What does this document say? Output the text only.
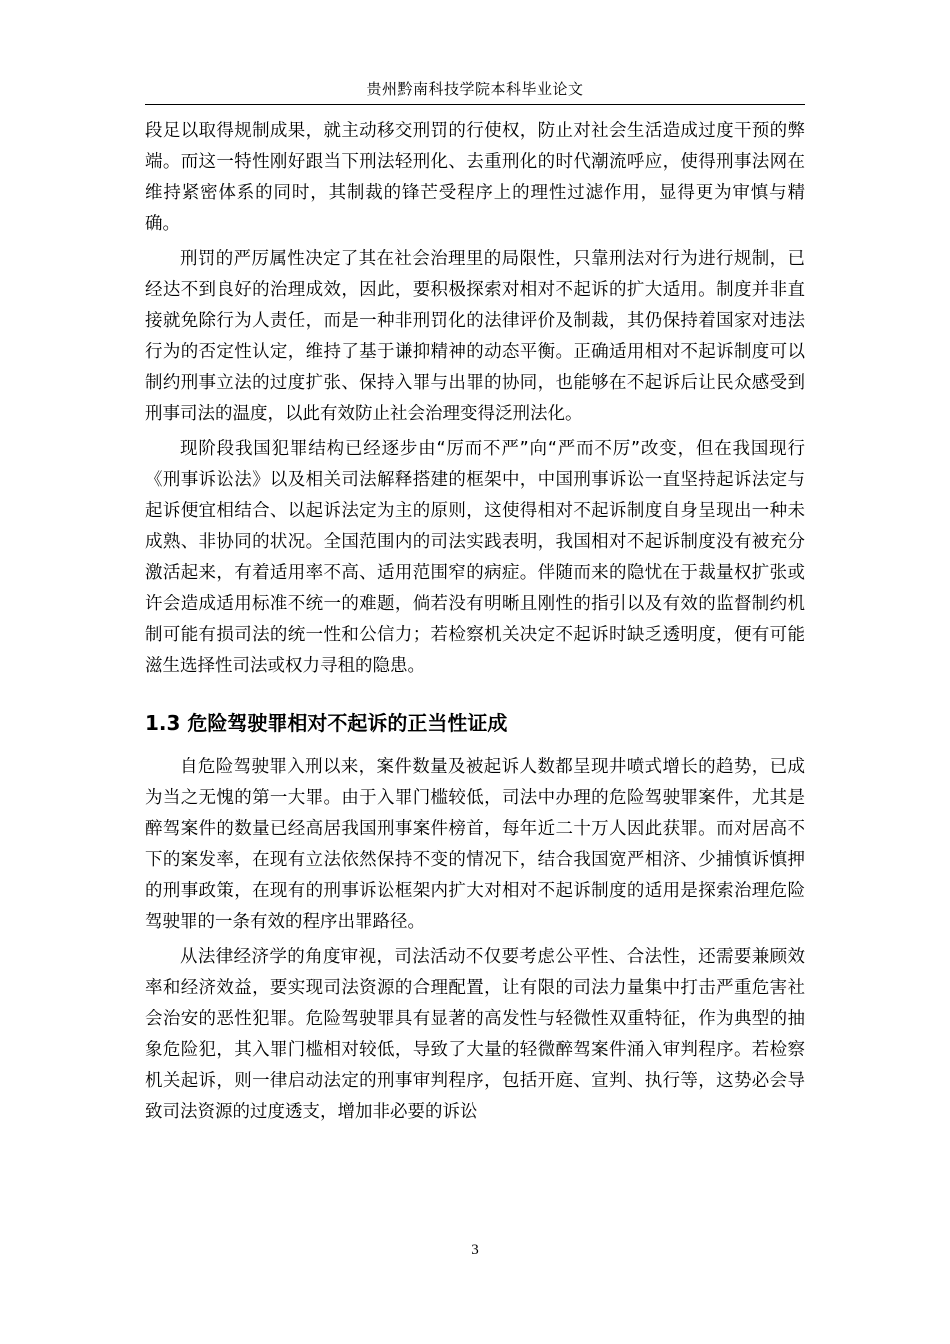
贵州黔南科技学院本科毕业论文

段足以取得规制成果，就主动移交刑罚的行使权，防止对社会生活造成过度干预的弊端。而这一特性刚好跟当下刑法轻刑化、去重刑化的时代潮流呼应，使得刑事法网在维持紧密体系的同时，其制裁的锋芒受程序上的理性过滤作用，显得更为审慎与精确。

刑罚的严厉属性决定了其在社会治理里的局限性，只靠刑法对行为进行规制，已经达不到良好的治理成效，因此，要积极探索对相对不起诉的扩大适用。制度并非直接就免除行为人责任，而是一种非刑罚化的法律评价及制裁，其仍保持着国家对违法行为的否定性认定，维持了基于谦抑精神的动态平衡。正确适用相对不起诉制度可以制约刑事立法的过度扩张、保持入罪与出罪的协同，也能够在不起诉后让民众感受到刑事司法的温度，以此有效防止社会治理变得泛刑法化。

现阶段我国犯罪结构已经逐步由“厉而不严”向“严而不厉”改变，但在我国现行《刑事诉讼法》以及相关司法解释搭建的框架中，中国刑事诉讼一直坚持起诉法定与起诉便宜相结合、以起诉法定为主的原则，这使得相对不起诉制度自身呈现出一种未成熟、非协同的状况。全国范围内的司法实践表明，我国相对不起诉制度没有被充分激活起来，有着适用率不高、适用范围窄的病症。伴随而来的隐忧在于裁量权扩张或许会造成适用标准不统一的难题，倘若没有明晰且刚性的指引以及有效的监督制约机制可能有损司法的统一性和公信力；若检察机关决定不起诉时缺乏透明度，便有可能滋生选择性司法或权力寻租的隐患。

1.3 危险驾驶罪相对不起诉的正当性证成

自危险驾驶罪入刑以来，案件数量及被起诉人数都呈现井喷式增长的趋势，已成为当之无愧的第一大罪。由于入罪门槛较低，司法中办理的危险驾驶罪案件，尤其是醉驾案件的数量已经高居我国刑事案件榜首，每年近二十万人因此获罪。而对居高不下的案发率，在现有立法依然保持不变的情况下，结合我国宽严相济、少捕慎诉慎押的刑事政策，在现有的刑事诉讼框架内扩大对相对不起诉制度的适用是探索治理危险驾驶罪的一条有效的程序出罪路径。

从法律经济学的角度审视，司法活动不仅要考虑公平性、合法性，还需要兼顾效率和经济效益，要实现司法资源的合理配置，让有限的司法力量集中打击严重危害社会治安的恶性犯罪。危险驾驶罪具有显著的高发性与轻微性双重特征，作为典型的抽象危险犯，其入罪门槛相对较低，导致了大量的轻微醉驾案件涌入审判程序。若检察机关起诉，则一律启动法定的刑事审判程序，包括开庭、宣判、执行等，这势必会导致司法资源的过度透支，增加非必要的诉讼

3
